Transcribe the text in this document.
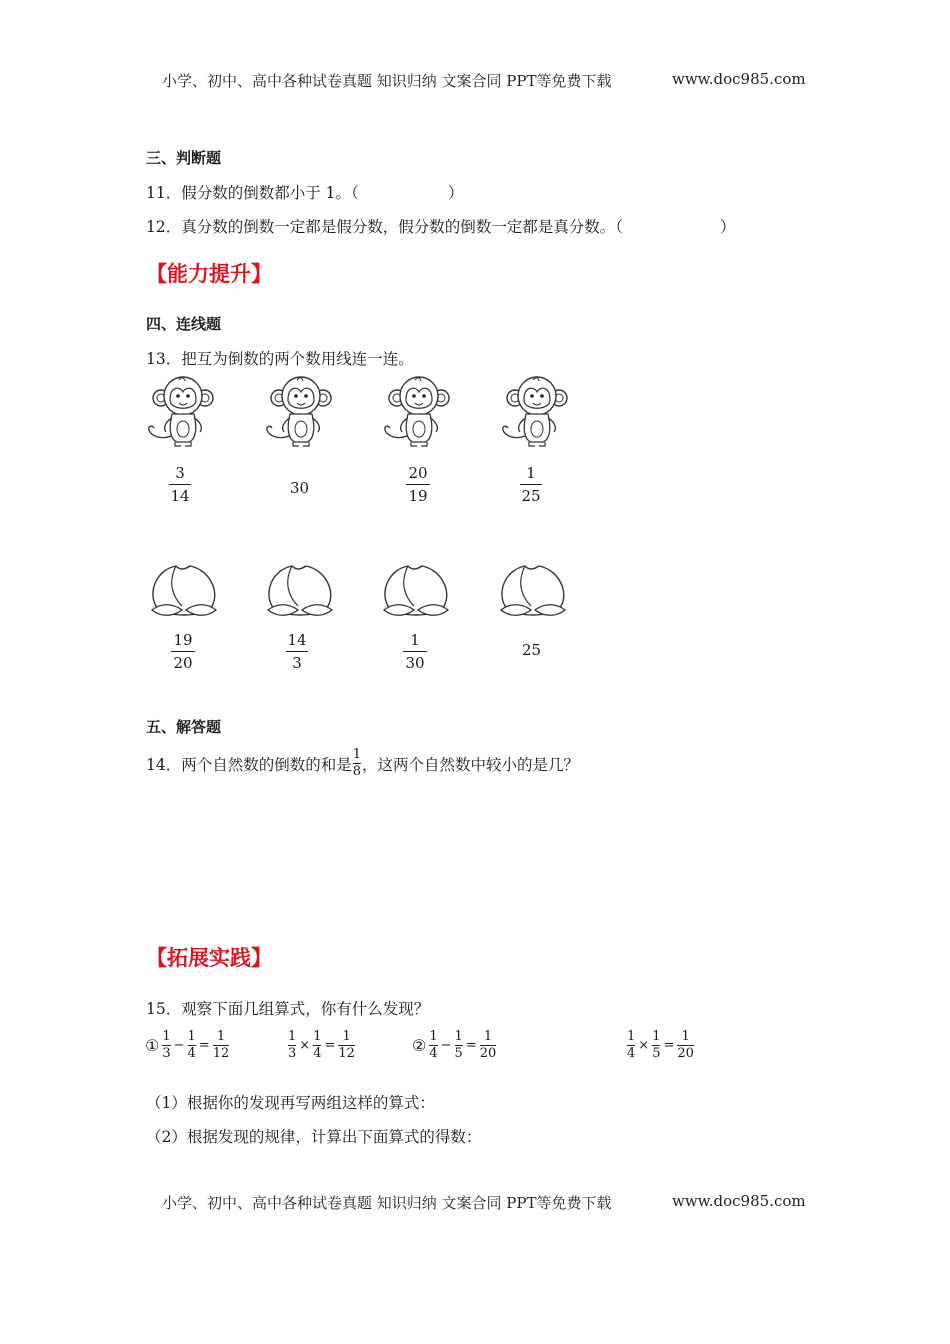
小学、初中、高中各种试卷真题 知识归纳 文案合同 PPT等免费下载	www.doc985.com
三、判断题
11．假分数的倒数都小于 1。（	）
12．真分数的倒数一定都是假分数，假分数的倒数一定都是真分数。（	）
【能力提升】
四、连线题
13．把互为倒数的两个数用线连一连。
3
14	30
20
19
1
25
19
20
14
3
1
30
25
五、解答题
14．两个自然数的倒数的和是
1
8 ，这两个自然数中较小的是几？
【拓展实践】
15．观察下面几组算式，你有什么发现？
① 1
3
−
1
4
=
1
12
1
3
×
1
4
=
1
12	② 1
4
−
1
5
=
1
20
1
4
×
1
5
=
1
20
（1）根据你的发现再写两组这样的算式：
（2）根据发现的规律，计算出下面算式的得数：
小学、初中、高中各种试卷真题 知识归纳 文案合同 PPT等免费下载	www.doc985.com
